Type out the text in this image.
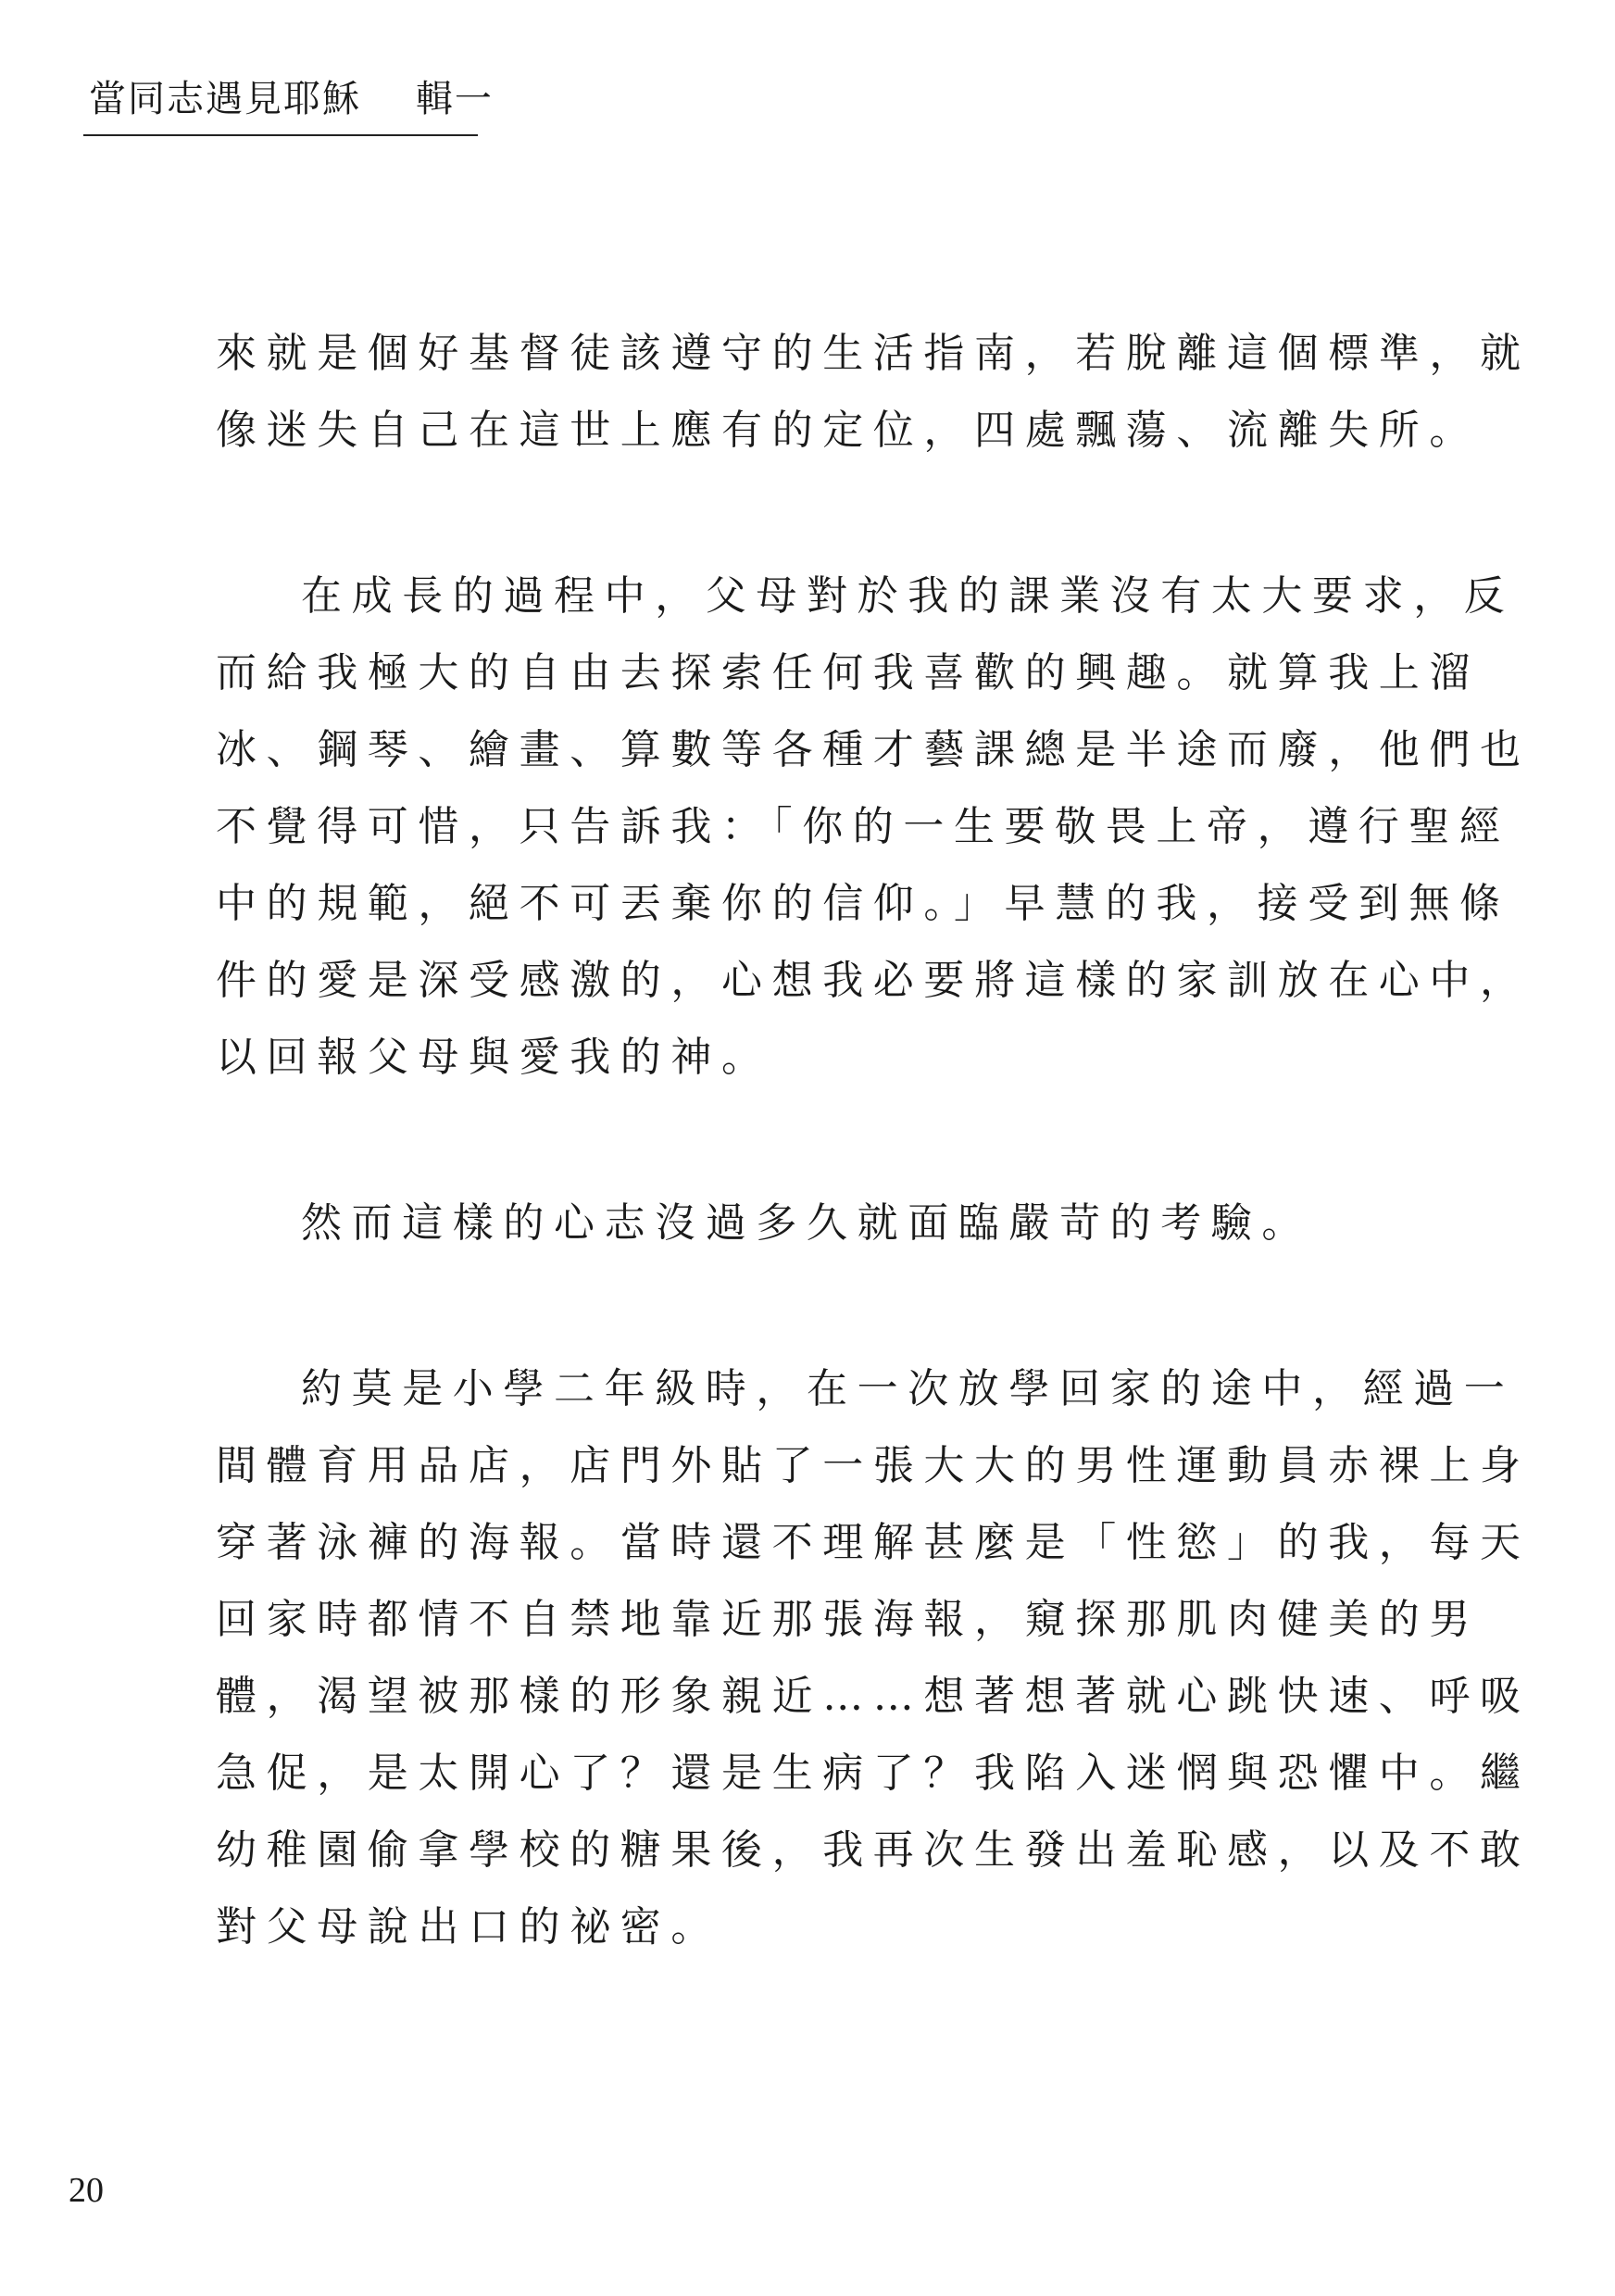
當同志遇見耶穌 輯一
來就是個好基督徒該遵守的生活指南，若脫離這個標準，就
像迷失自己在這世上應有的定位，四處飄蕩、流離失所。
在成長的過程中，父母對於我的課業沒有太大要求，反
而給我極大的自由去探索任何我喜歡的興趣。就算我上溜
冰、鋼琴、繪畫、算數等各種才藝課總是半途而廢，他們也
不覺得可惜，只告訴我：「你的一生要敬畏上帝，遵行聖經
中的規範，絕不可丟棄你的信仰。」早慧的我，接受到無條
件的愛是深受感激的，心想我必要將這樣的家訓放在心中，
以回報父母與愛我的神。
然而這樣的心志沒過多久就面臨嚴苛的考驗。
約莫是小學二年級時，在一次放學回家的途中，經過一
間體育用品店，店門外貼了一張大大的男性運動員赤裸上身
穿著泳褲的海報。當時還不理解甚麼是「性慾」的我，每天
回家時都情不自禁地靠近那張海報，窺探那肌肉健美的男
體，渴望被那樣的形象親近……想著想著就心跳快速、呼吸
急促，是太開心了？還是生病了？我陷入迷惘與恐懼中。繼
幼稚園偷拿學校的糖果後，我再次生發出羞恥感，以及不敢
對父母說出口的祕密。
20
